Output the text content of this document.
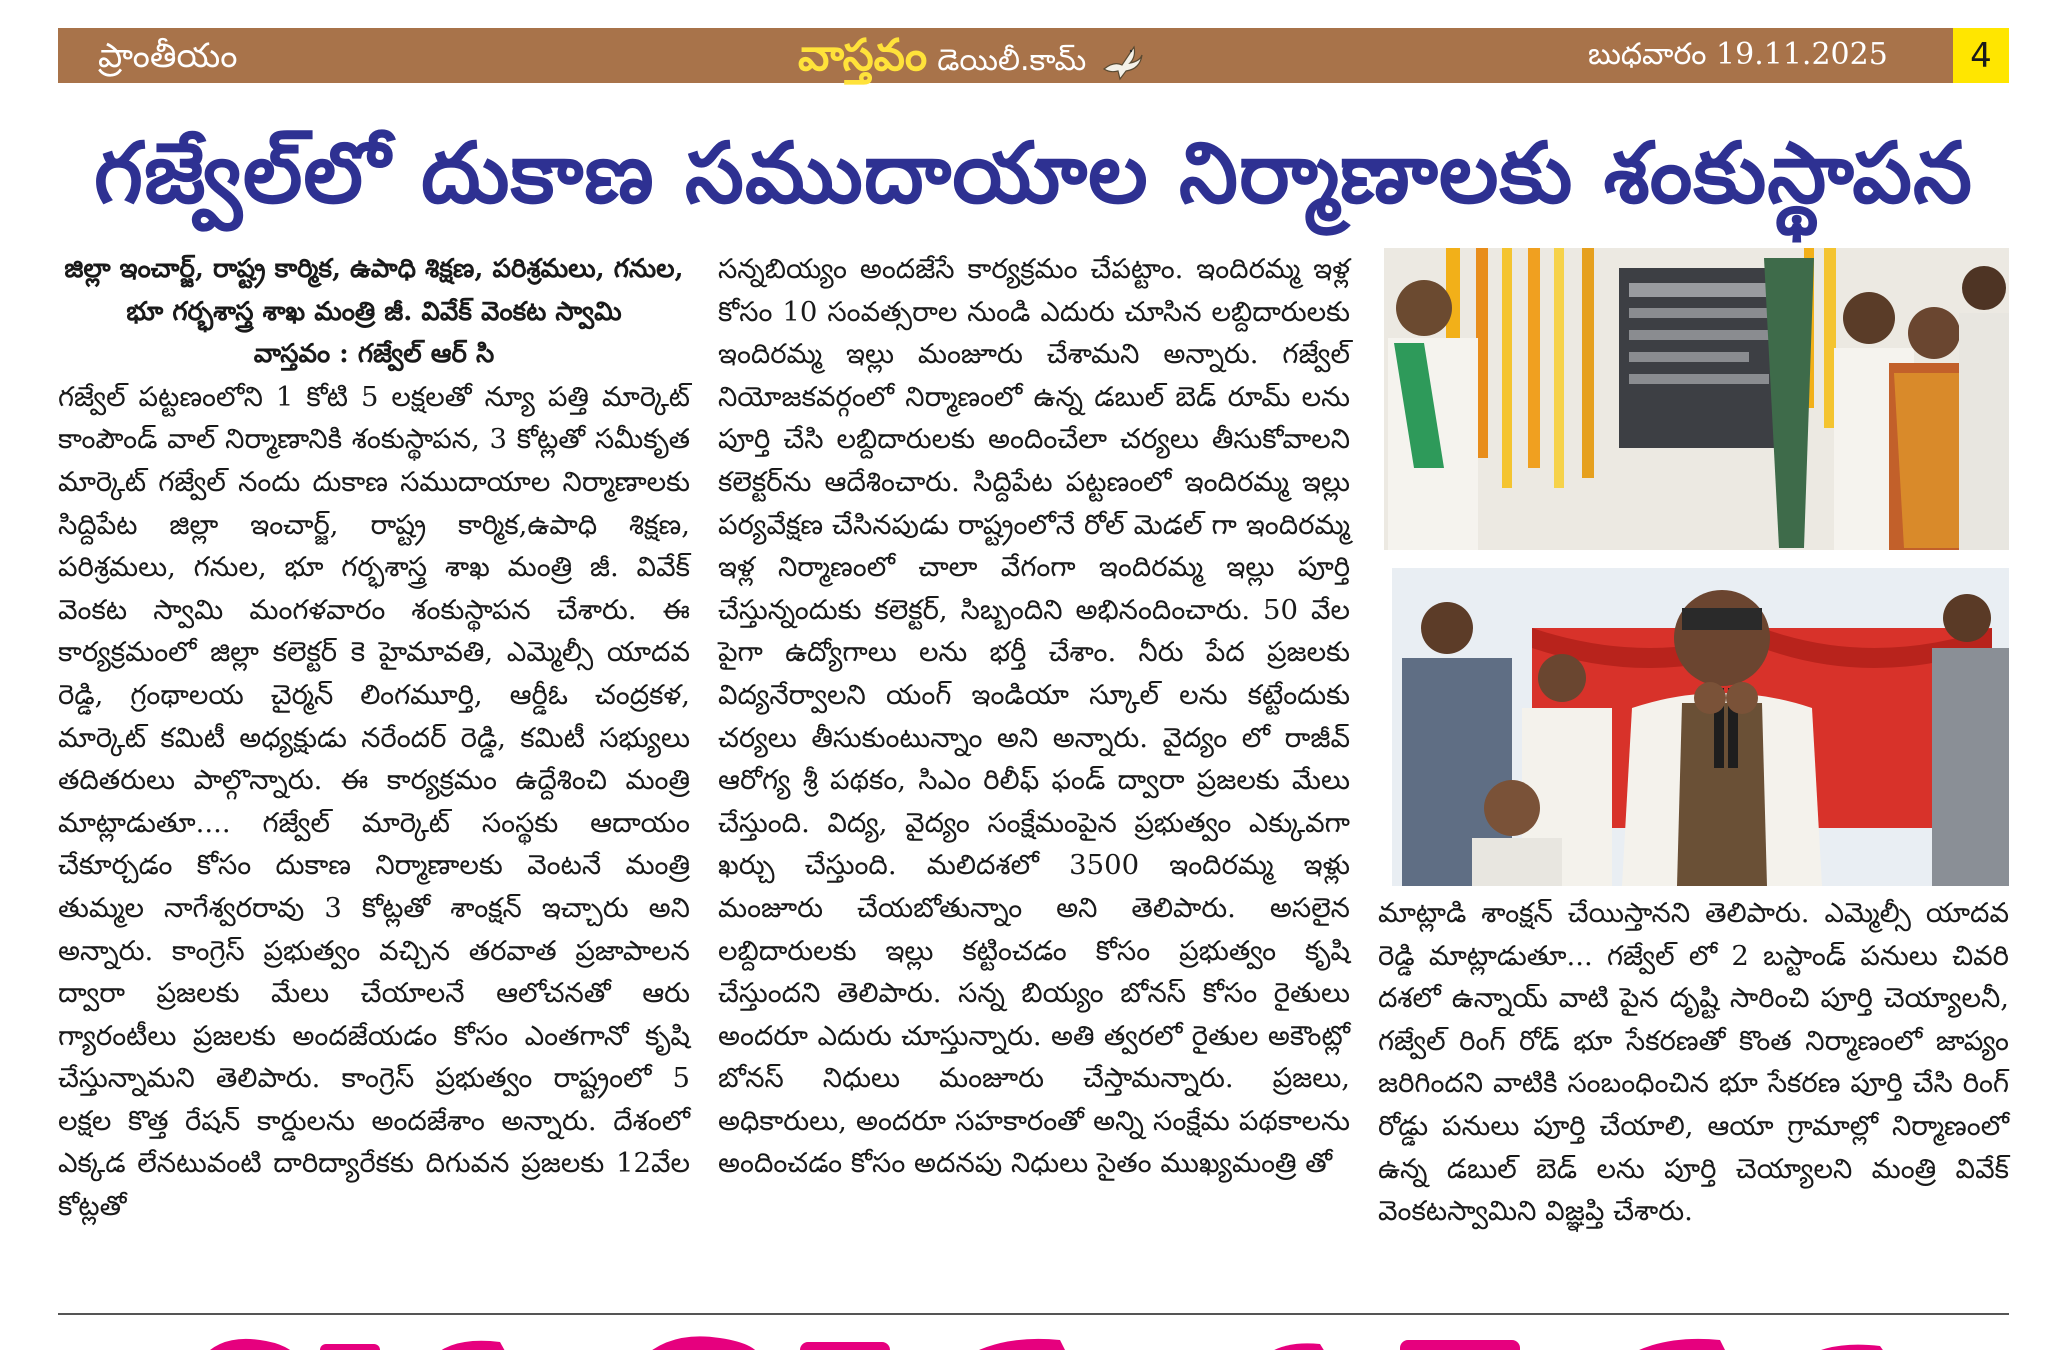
ప్రాంతీయం	వాస్తవం డెయిలీ.కామ్	బుధవారం 19.11.2025	4
గజ్వేల్‌లో దుకాణ సముదాయాల నిర్మాణాలకు శంకుస్థాపన

జిల్లా ఇంచార్జ్, రాష్ట్ర కార్మిక, ఉపాధి శిక్షణ, పరిశ్రమలు, గనుల, భూ గర్భశాస్త్ర శాఖ మంత్రి జీ. వివేక్ వెంకట స్వామి

వాస్తవం : గజ్వేల్ ఆర్ సి

గజ్వేల్ పట్టణంలోని 1 కోటి 5 లక్షలతో న్యూ పత్తి మార్కెట్ కాంపౌండ్ వాల్ నిర్మాణానికి శంకుస్థాపన, 3 కోట్లతో సమీకృత మార్కెట్ గజ్వేల్ నందు దుకాణ సముదాయాల నిర్మాణాలకు సిద్దిపేట జిల్లా ఇంచార్జ్, రాష్ట్ర కార్మిక,ఉపాధి శిక్షణ, పరిశ్రమలు, గనుల, భూ గర్భశాస్త్ర శాఖ మంత్రి జీ. వివేక్ వెంకట స్వామి మంగళవారం శంకుస్థాపన చేశారు. ఈ కార్యక్రమంలో జిల్లా కలెక్టర్ కె హైమావతి, ఎమ్మెల్సీ యాదవ రెడ్డి, గ్రంథాలయ చైర్మన్ లింగమూర్తి, ఆర్డీఓ చంద్రకళ, మార్కెట్ కమిటీ అధ్యక్షుడు నరేందర్ రెడ్డి, కమిటీ సభ్యులు తదితరులు పాల్గొన్నారు. ఈ కార్యక్రమం ఉద్దేశించి మంత్రి మాట్లాడుతూ.... గజ్వేల్ మార్కెట్ సంస్థకు ఆదాయం చేకూర్చడం కోసం దుకాణ నిర్మాణాలకు వెంటనే మంత్రి తుమ్మల నాగేశ్వరరావు 3 కోట్లతో శాంక్షన్ ఇచ్చారు అని అన్నారు. కాంగ్రెస్ ప్రభుత్వం వచ్చిన తరవాత ప్రజాపాలన ద్వారా ప్రజలకు మేలు చేయాలనే ఆలోచనతో ఆరు గ్యారంటీలు ప్రజలకు అందజేయడం కోసం ఎంతగానో కృషి చేస్తున్నామని తెలిపారు. కాంగ్రెస్ ప్రభుత్వం రాష్ట్రంలో 5 లక్షల కొత్త రేషన్ కార్డులను అందజేశాం అన్నారు. దేశంలో ఎక్కడ లేనటువంటి దారిద్యారేకకు దిగువన ప్రజలకు 12వేల కోట్లతో

సన్నబియ్యం అందజేసే కార్యక్రమం చేపట్టాం. ఇందిరమ్మ ఇళ్ల కోసం 10 సంవత్సరాల నుండి ఎదురు చూసిన లబ్దిదారులకు ఇందిరమ్మ ఇల్లు మంజూరు చేశామని అన్నారు. గజ్వేల్ నియోజకవర్గంలో నిర్మాణంలో ఉన్న డబుల్ బెడ్ రూమ్ లను పూర్తి చేసి లబ్దిదారులకు అందించేలా చర్యలు తీసుకోవాలని కలెక్టర్‌ను ఆదేశించారు. సిద్దిపేట పట్టణంలో ఇందిరమ్మ ఇల్లు పర్యవేక్షణ చేసినపుడు రాష్ట్రంలోనే రోల్ మెడల్ గా ఇందిరమ్మ ఇళ్ల నిర్మాణంలో చాలా వేగంగా ఇందిరమ్మ ఇల్లు పూర్తి చేస్తున్నందుకు కలెక్టర్, సిబ్బందిని అభినందించారు. 50 వేల పైగా ఉద్యోగాలు లను భర్తీ చేశాం. నీరు పేద ప్రజలకు విద్యనేర్వాలని యంగ్ ఇండియా స్కూల్ లను కట్టేందుకు చర్యలు తీసుకుంటున్నాం అని అన్నారు. వైద్యం లో రాజీవ్ ఆరోగ్య శ్రీ పథకం, సిఎం రిలీఫ్ ఫండ్ ద్వారా ప్రజలకు మేలు చేస్తుంది. విద్య, వైద్యం సంక్షేమంపైన ప్రభుత్వం ఎక్కువగా ఖర్చు చేస్తుంది. మలిదశలో 3500 ఇందిరమ్మ ఇళ్లు మంజూరు చేయబోతున్నాం అని తెలిపారు. అసలైన లబ్దిదారులకు ఇల్లు కట్టించడం కోసం ప్రభుత్వం కృషి చేస్తుందని తెలిపారు. సన్న బియ్యం బోనస్ కోసం రైతులు అందరూ ఎదురు చూస్తున్నారు. అతి త్వరలో రైతుల అకౌంట్లో బోనస్ నిధులు మంజూరు చేస్తామన్నారు. ప్రజలు, అధికారులు, అందరూ సహకారంతో అన్ని సంక్షేమ పథకాలను అందించడం కోసం అదనపు నిధులు సైతం ముఖ్యమంత్రి తో

మాట్లాడి శాంక్షన్ చేయిస్తానని తెలిపారు. ఎమ్మెల్సీ యాదవ రెడ్డి మాట్లాడుతూ... గజ్వేల్ లో 2 బస్టాండ్ పనులు చివరి దశలో ఉన్నాయ్ వాటి పైన దృష్టి సారించి పూర్తి చెయ్యాలనీ, గజ్వేల్ రింగ్ రోడ్ భూ సేకరణతో కొంత నిర్మాణంలో జాప్యం జరిగిందని వాటికి సంబంధించిన భూ సేకరణ పూర్తి చేసి రింగ్ రోడ్డు పనులు పూర్తి చేయాలి, ఆయా గ్రామాల్లో నిర్మాణంలో ఉన్న డబుల్ బెడ్ లను పూర్తి చెయ్యాలని మంత్రి వివేక్ వెంకటస్వామిని విజ్ఞప్తి చేశారు.
